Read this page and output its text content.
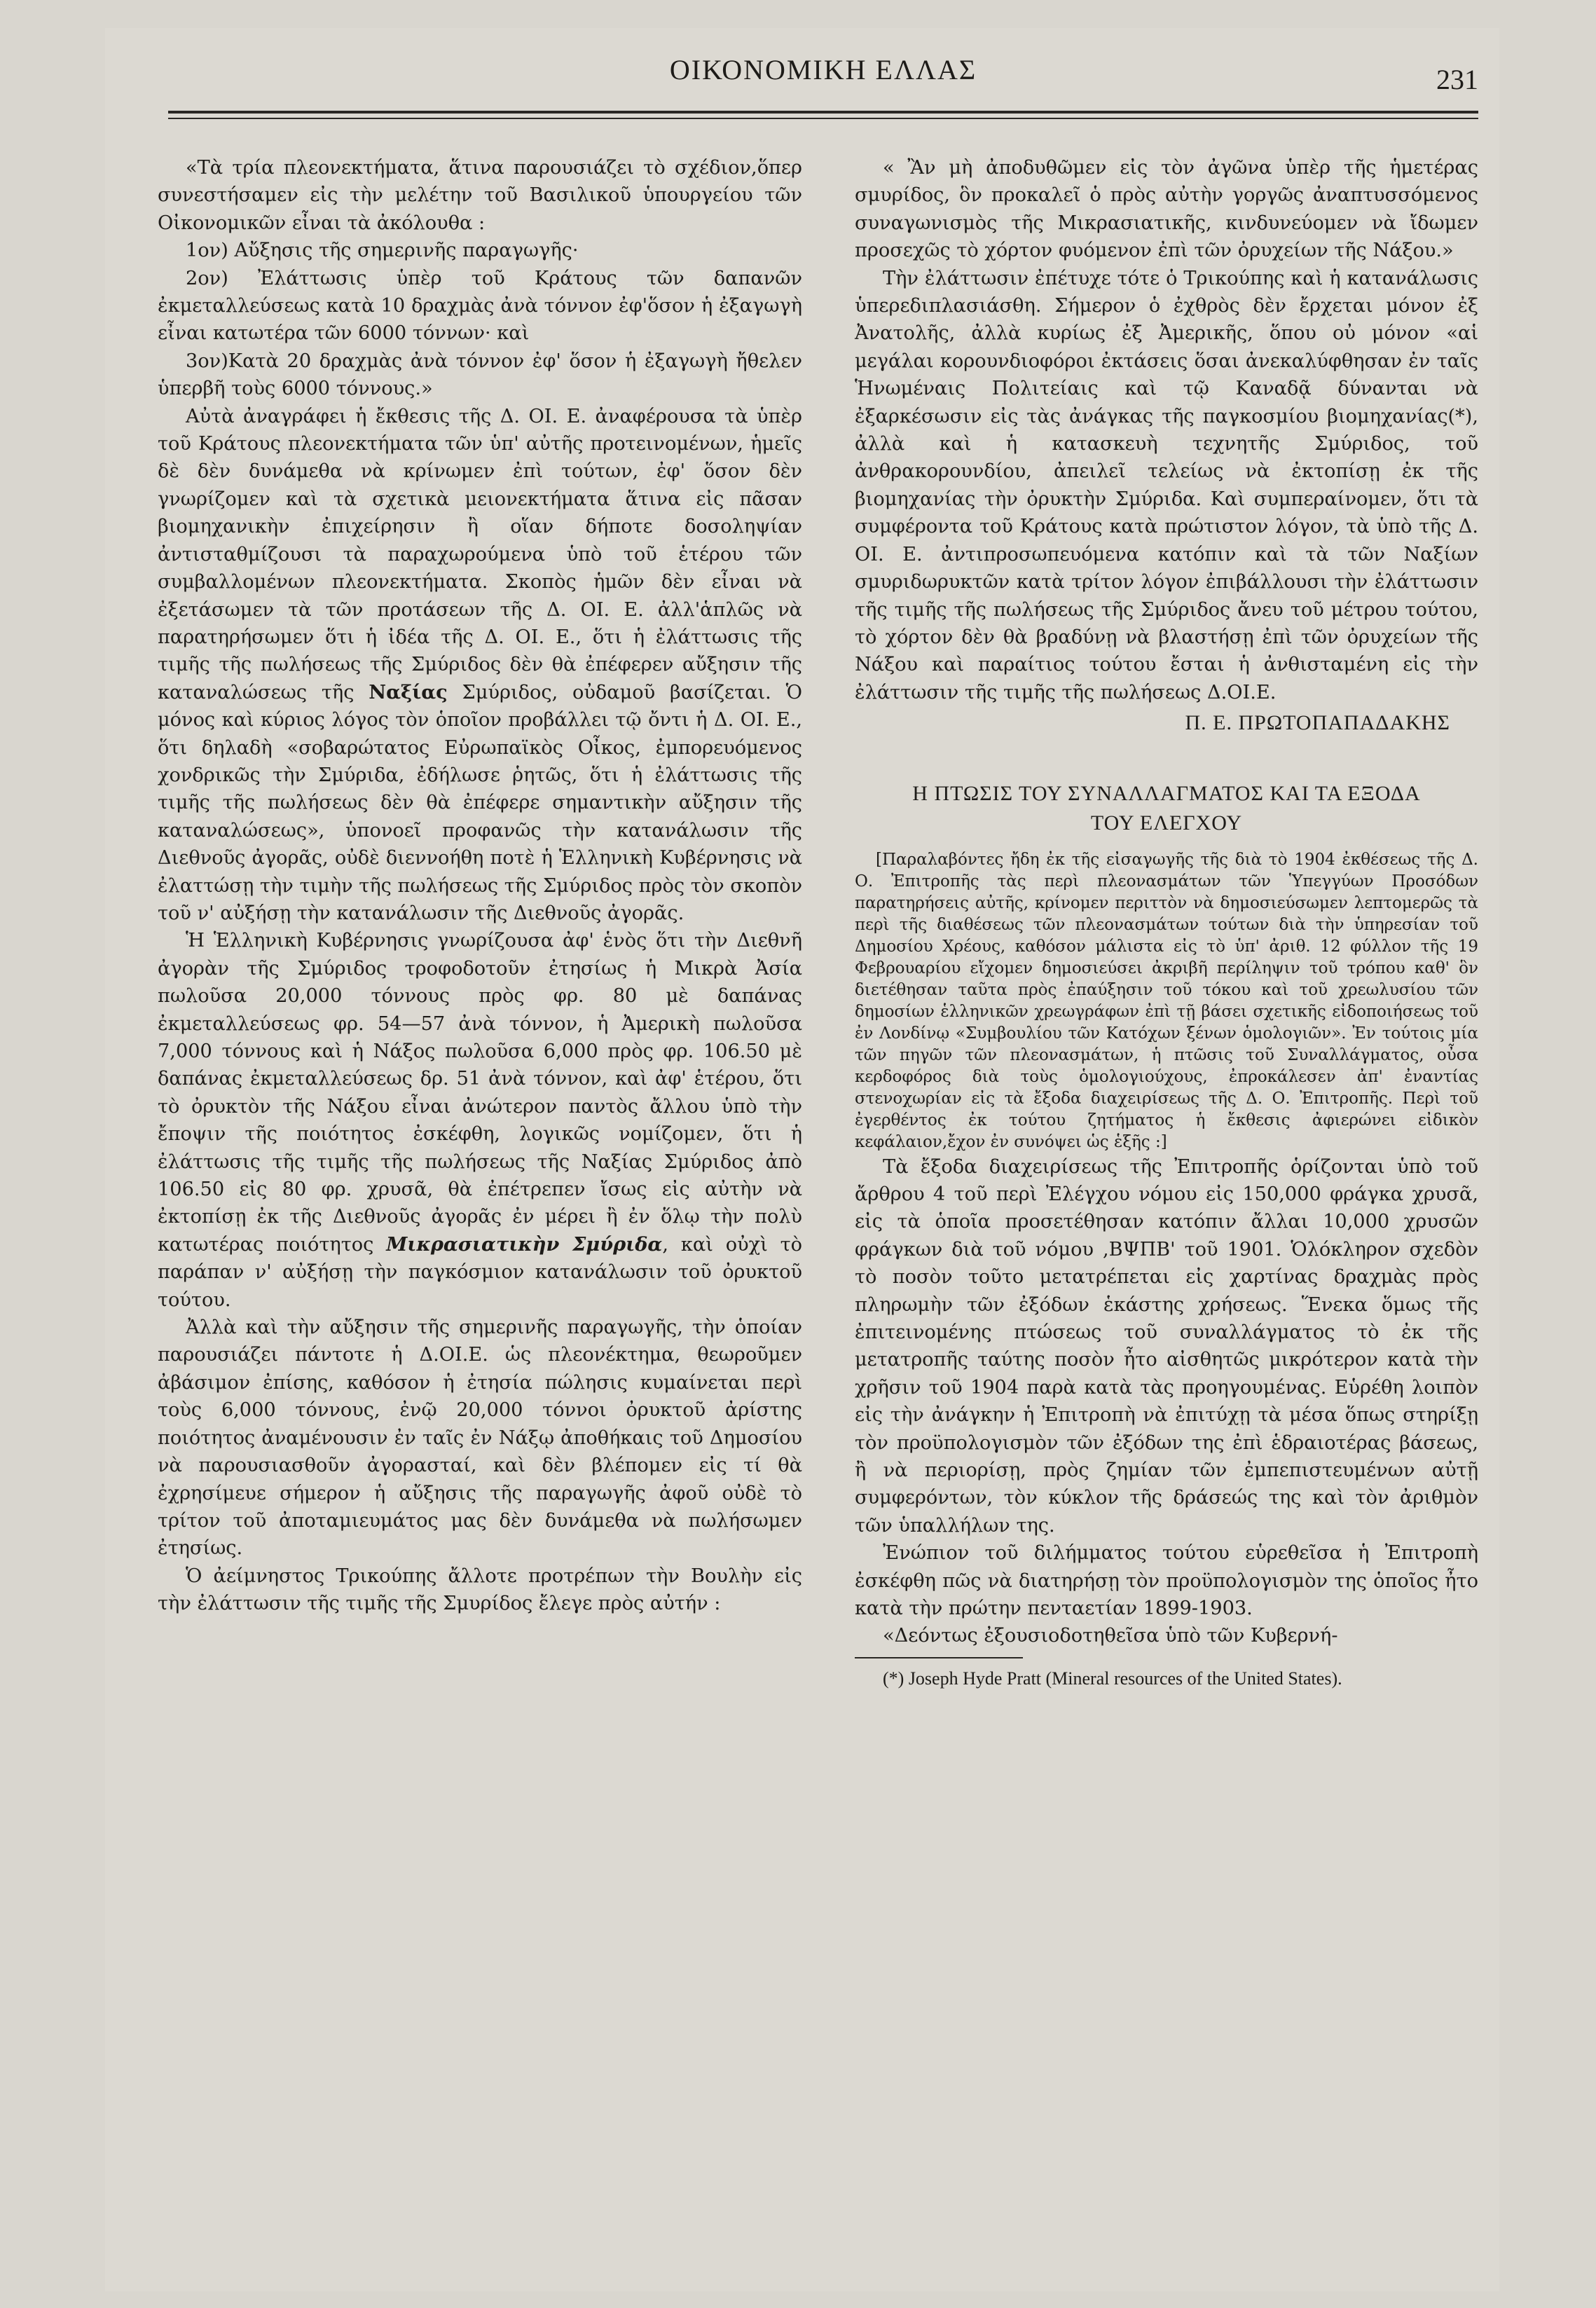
ΟΙΚΟΝΟΜΙΚΗ ΕΛΛΑΣ	231

«Τὰ τρία πλεονεκτήματα, ἅτινα παρουσιάζει τὸ σχέδιον,ὅπερ συνεστήσαμεν εἰς τὴν μελέτην τοῦ Βασιλικοῦ ὑπουργείου τῶν Οἰκονομικῶν εἶναι τὰ ἀκόλουθα :

1ον) Αὔξησις τῆς σημερινῆς παραγωγῆς·

2ον) Ἐλάττωσις ὑπὲρ τοῦ Κράτους τῶν δαπανῶν ἐκμεταλλεύσεως κατὰ 10 δραχμὰς ἀνὰ τόννον ἐφ'ὅσον ἡ ἐξαγωγὴ εἶναι κατωτέρα τῶν 6000 τόννων· καὶ

3ον)Κατὰ 20 δραχμὰς ἀνὰ τόννον ἐφ' ὅσον ἡ ἐξαγωγὴ ἤθελεν ὑπερβῆ τοὺς 6000 τόννους.»

Αὐτὰ ἀναγράφει ἡ ἔκθεσις τῆς Δ. ΟΙ. Ε. ἀναφέρουσα τὰ ὑπὲρ τοῦ Κράτους πλεονεκτήματα τῶν ὑπ' αὐτῆς προτεινομένων, ἡμεῖς δὲ δὲν δυνάμεθα νὰ κρίνωμεν ἐπὶ τούτων, ἐφ' ὅσον δὲν γνωρίζομεν καὶ τὰ σχετικὰ μειονεκτήματα ἅτινα εἰς πᾶσαν βιομηχανικὴν ἐπιχείρησιν ἢ οἵαν δήποτε δοσοληψίαν ἀντισταθμίζουσι τὰ παραχωρούμενα ὑπὸ τοῦ ἑτέρου τῶν συμβαλλομένων πλεονεκτήματα. Σκοπὸς ἡμῶν δὲν εἶναι νὰ ἐξετάσωμεν τὰ τῶν προτάσεων τῆς Δ. ΟΙ. Ε. ἀλλ'ἁπλῶς νὰ παρατηρήσωμεν ὅτι ἡ ἰδέα τῆς Δ. ΟΙ. Ε., ὅτι ἡ ἐλάττωσις τῆς τιμῆς τῆς πωλήσεως τῆς Σμύριδος δὲν θὰ ἐπέφερεν αὔξησιν τῆς καταναλώσεως τῆς Ναξίας Σμύριδος, οὐδαμοῦ βασίζεται. Ὁ μόνος καὶ κύριος λόγος τὸν ὁποῖον προβάλλει τῷ ὄντι ἡ Δ. ΟΙ. Ε., ὅτι δηλαδὴ «σοβαρώτατος Εὐρωπαϊκὸς Οἶκος, ἐμπορευόμενος χονδρικῶς τὴν Σμύριδα, ἐδήλωσε ῥητῶς, ὅτι ἡ ἐλάττωσις τῆς τιμῆς τῆς πωλήσεως δὲν θὰ ἐπέφερε σημαντικὴν αὔξησιν τῆς καταναλώσεως», ὑπονοεῖ προφανῶς τὴν κατανάλωσιν τῆς Διεθνοῦς ἀγορᾶς, οὐδὲ διεννοήθη ποτὲ ἡ Ἑλληνικὴ Κυβέρνησις νὰ ἐλαττώσῃ τὴν τιμὴν τῆς πωλήσεως τῆς Σμύριδος πρὸς τὸν σκοπὸν τοῦ ν' αὐξήσῃ τὴν κατανάλωσιν τῆς Διεθνοῦς ἀγορᾶς.

Ἡ Ἑλληνικὴ Κυβέρνησις γνωρίζουσα ἀφ' ἑνὸς ὅτι τὴν Διεθνῆ ἀγορὰν τῆς Σμύριδος τροφοδοτοῦν ἐτησίως ἡ Μικρὰ Ἀσία πωλοῦσα 20,000 τόννους πρὸς φρ. 80 μὲ δαπάνας ἐκμεταλλεύσεως φρ. 54—57 ἀνὰ τόννον, ἡ Ἀμερικὴ πωλοῦσα 7,000 τόννους καὶ ἡ Νάξος πωλοῦσα 6,000 πρὸς φρ. 106.50 μὲ δαπάνας ἐκμεταλλεύσεως δρ. 51 ἀνὰ τόννον, καὶ ἀφ' ἑτέρου, ὅτι τὸ ὀρυκτὸν τῆς Νάξου εἶναι ἀνώτερον παντὸς ἄλλου ὑπὸ τὴν ἔποψιν τῆς ποιότητος ἐσκέφθη, λογικῶς νομίζομεν, ὅτι ἡ ἐλάττωσις τῆς τιμῆς τῆς πωλήσεως τῆς Ναξίας Σμύριδος ἀπὸ 106.50 εἰς 80 φρ. χρυσᾶ, θὰ ἐπέτρεπεν ἴσως εἰς αὐτὴν νὰ ἐκτοπίσῃ ἐκ τῆς Διεθνοῦς ἀγορᾶς ἐν μέρει ἢ ἐν ὅλῳ τὴν πολὺ κατωτέρας ποιότητος Μικρασιατικὴν Σμύριδα, καὶ οὐχὶ τὸ παράπαν ν' αὐξήσῃ τὴν παγκόσμιον κατανάλωσιν τοῦ ὀρυκτοῦ τούτου.

Ἀλλὰ καὶ τὴν αὔξησιν τῆς σημερινῆς παραγωγῆς, τὴν ὁποίαν παρουσιάζει πάντοτε ἡ Δ.ΟΙ.Ε. ὡς πλεονέκτημα, θεωροῦμεν ἀβάσιμον ἐπίσης, καθόσον ἡ ἐτησία πώλησις κυμαίνεται περὶ τοὺς 6,000 τόννους, ἐνῷ 20,000 τόννοι ὀρυκτοῦ ἀρίστης ποιότητος ἀναμένουσιν ἐν ταῖς ἐν Νάξῳ ἀποθήκαις τοῦ Δημοσίου νὰ παρουσιασθοῦν ἀγορασταί, καὶ δὲν βλέπομεν εἰς τί θὰ ἐχρησίμευε σήμερον ἡ αὔξησις τῆς παραγωγῆς ἀφοῦ οὐδὲ τὸ τρίτον τοῦ ἀποταμιευμάτος μας δὲν δυνάμεθα νὰ πωλήσωμεν ἐτησίως.

Ὁ ἀείμνηστος Τρικούπης ἄλλοτε προτρέπων τὴν Βουλὴν εἰς τὴν ἐλάττωσιν τῆς τιμῆς τῆς Σμυρίδος ἔλεγε πρὸς αὐτήν :

« Ἂν μὴ ἀποδυθῶμεν εἰς τὸν ἀγῶνα ὑπὲρ τῆς ἡμετέρας σμυρίδος, ὃν προκαλεῖ ὁ πρὸς αὐτὴν γοργῶς ἀναπτυσσόμενος συναγωνισμὸς τῆς Μικρασιατικῆς, κινδυνεύομεν νὰ ἴδωμεν προσεχῶς τὸ χόρτον φυόμενον ἐπὶ τῶν ὀρυχείων τῆς Νάξου.»

Τὴν ἐλάττωσιν ἐπέτυχε τότε ὁ Τρικούπης καὶ ἡ κατανάλωσις ὑπερεδιπλασιάσθη. Σήμερον ὁ ἐχθρὸς δὲν ἔρχεται μόνον ἐξ Ἀνατολῆς, ἀλλὰ κυρίως ἐξ Ἀμερικῆς, ὅπου οὐ μόνον «αἱ μεγάλαι κορουνδιοφόροι ἐκτάσεις ὅσαι ἀνεκαλύφθησαν ἐν ταῖς Ἡνωμέναις Πολιτείαις καὶ τῷ Καναδᾷ δύνανται νὰ ἐξαρκέσωσιν εἰς τὰς ἀνάγκας τῆς παγκοσμίου βιομηχανίας(*), ἀλλὰ καὶ ἡ κατασκευὴ τεχνητῆς Σμύριδος, τοῦ ἀνθρακορουνδίου, ἀπειλεῖ τελείως νὰ ἐκτοπίσῃ ἐκ τῆς βιομηχανίας τὴν ὀρυκτὴν Σμύριδα. Καὶ συμπεραίνομεν, ὅτι τὰ συμφέροντα τοῦ Κράτους κατὰ πρώτιστον λόγον, τὰ ὑπὸ τῆς Δ. ΟΙ. Ε. ἀντιπροσωπευόμενα κατόπιν καὶ τὰ τῶν Ναξίων σμυριδωρυκτῶν κατὰ τρίτον λόγον ἐπιβάλλουσι τὴν ἐλάττωσιν τῆς τιμῆς τῆς πωλήσεως τῆς Σμύριδος ἄνευ τοῦ μέτρου τούτου, τὸ χόρτον δὲν θὰ βραδύνῃ νὰ βλαστήσῃ ἐπὶ τῶν ὀρυχείων τῆς Νάξου καὶ παραίτιος τούτου ἔσται ἡ ἀνθισταμένη εἰς τὴν ἐλάττωσιν τῆς τιμῆς τῆς πωλήσεως Δ.ΟΙ.Ε.

Π. Ε. ΠΡΩΤΟΠΑΠΑΔΑΚΗΣ
Η ΠΤΩΣΙΣ ΤΟΥ ΣΥΝΑΛΛΑΓΜΑΤΟΣ ΚΑΙ ΤΑ ΕΞΟΔΑ
ΤΟΥ ΕΛΕΓΧΟΥ

[Παραλαβόντες ἤδη ἐκ τῆς εἰσαγωγῆς τῆς διὰ τὸ 1904 ἐκθέσεως τῆς Δ. Ο. Ἐπιτροπῆς τὰς περὶ πλεονασμάτων τῶν Ὑπεγγύων Προσόδων παρατηρήσεις αὐτῆς, κρίνομεν περιττὸν νὰ δημοσιεύσωμεν λεπτομερῶς τὰ περὶ τῆς διαθέσεως τῶν πλεονασμάτων τούτων διὰ τὴν ὑπηρεσίαν τοῦ Δημοσίου Χρέους, καθόσον μάλιστα εἰς τὸ ὑπ' ἀριθ. 12 φύλλον τῆς 19 Φεβρουαρίου εἴχομεν δημοσιεύσει ἀκριβῆ περίληψιν τοῦ τρόπου καθ' ὃν διετέθησαν ταῦτα πρὸς ἐπαύξησιν τοῦ τόκου καὶ τοῦ χρεωλυσίου τῶν δημοσίων ἑλληνικῶν χρεωγράφων ἐπὶ τῇ βάσει σχετικῆς εἰδοποιήσεως τοῦ ἐν Λονδίνῳ «Συμβουλίου τῶν Κατόχων ξένων ὁμολογιῶν». Ἐν τούτοις μία τῶν πηγῶν τῶν πλεονασμάτων, ἡ πτῶσις τοῦ Συναλλάγματος, οὖσα κερδοφόρος διὰ τοὺς ὁμολογιούχους, ἐπροκάλεσεν ἀπ' ἐναντίας στενοχωρίαν εἰς τὰ ἔξοδα διαχειρίσεως τῆς Δ. Ο. Ἐπιτροπῆς. Περὶ τοῦ ἐγερθέντος ἐκ τούτου ζητήματος ἡ ἔκθεσις ἀφιερώνει εἰδικὸν κεφάλαιον,ἔχον ἐν συνόψει ὡς ἑξῆς :]

Τὰ ἔξοδα διαχειρίσεως τῆς Ἐπιτροπῆς ὁρίζονται ὑπὸ τοῦ ἄρθρου 4 τοῦ περὶ Ἐλέγχου νόμου εἰς 150,000 φράγκα χρυσᾶ, εἰς τὰ ὁποῖα προσετέθησαν κατόπιν ἄλλαι 10,000 χρυσῶν φράγκων διὰ τοῦ νόμου ,ΒΨΠΒ' τοῦ 1901. Ὁλόκληρον σχεδὸν τὸ ποσὸν τοῦτο μετατρέπεται εἰς χαρτίνας δραχμὰς πρὸς πληρωμὴν τῶν ἐξόδων ἑκάστης χρήσεως. Ἕνεκα ὅμως τῆς ἐπιτεινομένης πτώσεως τοῦ συναλλάγματος τὸ ἐκ τῆς μετατροπῆς ταύτης ποσὸν ἦτο αἰσθητῶς μικρότερον κατὰ τὴν χρῆσιν τοῦ 1904 παρὰ κατὰ τὰς προηγουμένας. Εὑρέθη λοιπὸν εἰς τὴν ἀνάγκην ἡ Ἐπιτροπὴ νὰ ἐπιτύχῃ τὰ μέσα ὅπως στηρίξῃ τὸν προϋπολογισμὸν τῶν ἐξόδων της ἐπὶ ἑδραιοτέρας βάσεως, ἢ νὰ περιορίσῃ, πρὸς ζημίαν τῶν ἐμπεπιστευμένων αὐτῇ συμφερόντων, τὸν κύκλον τῆς δράσεώς της καὶ τὸν ἀριθμὸν τῶν ὑπαλλήλων της.

Ἐνώπιον τοῦ διλήμματος τούτου εὑρεθεῖσα ἡ Ἐπιτροπὴ ἐσκέφθη πῶς νὰ διατηρήσῃ τὸν προϋπολογισμὸν της ὁποῖος ἦτο κατὰ τὴν πρώτην πενταετίαν 1899-1903.

«Δεόντως ἐξουσιοδοτηθεῖσα ὑπὸ τῶν Κυβερνή-

(*) Joseph Hyde Pratt (Mineral resources of the United States).
